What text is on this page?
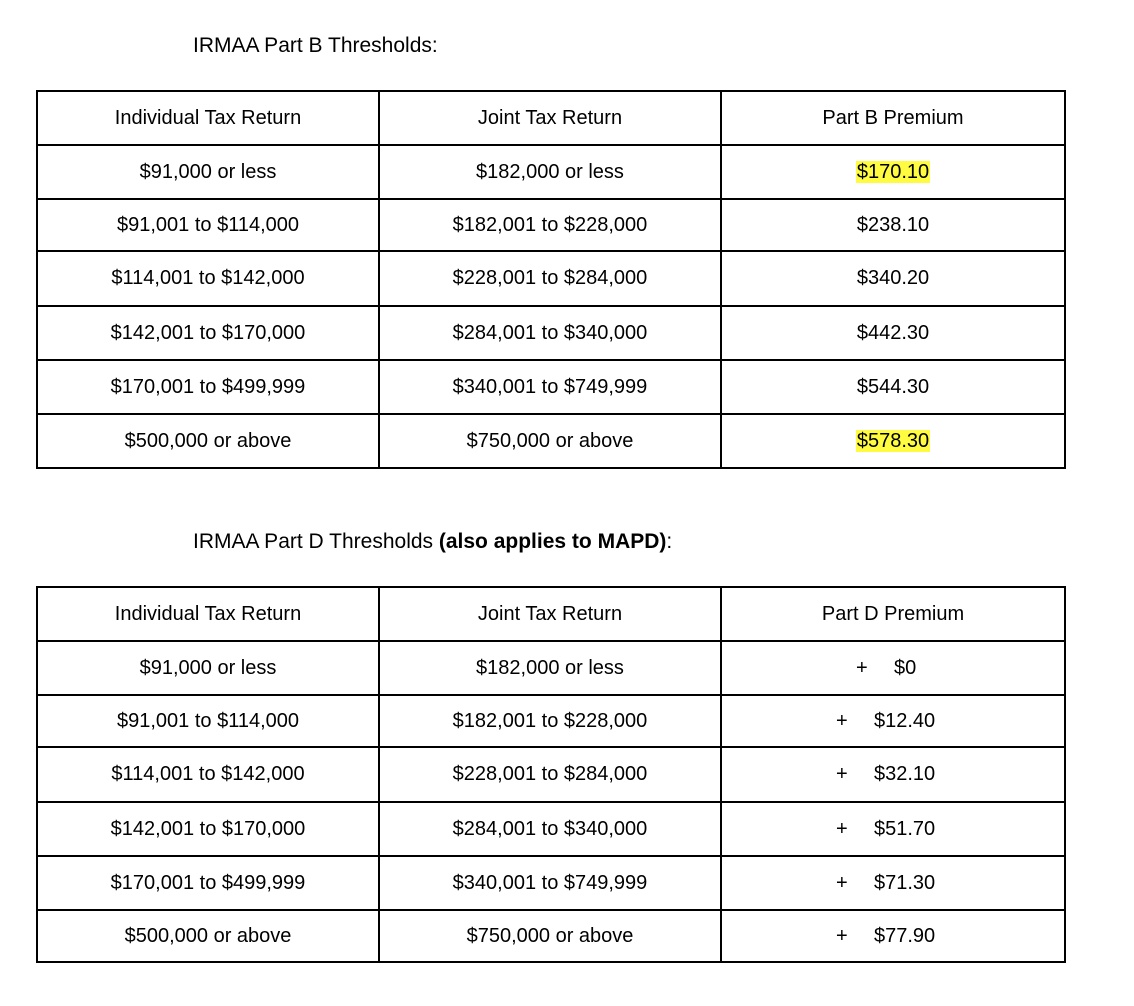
IRMAA Part B Thresholds:
Individual Tax Return	Joint Tax Return	Part B Premium
$91,000 or less	$182,000 or less	$170.10
$91,001 to $114,000	$182,001 to $228,000	$238.10
$114,001 to $142,000	$228,001 to $284,000	$340.20
$142,001 to $170,000	$284,001 to $340,000	$442.30
$170,001 to $499,999	$340,001 to $749,999	$544.30
$500,000 or above	$750,000 or above	$578.30
IRMAA Part D Thresholds (also applies to MAPD):
Individual Tax Return	Joint Tax Return	Part D Premium
$91,000 or less	$182,000 or less	+ $0
$91,001 to $114,000	$182,001 to $228,000	+ $12.40
$114,001 to $142,000	$228,001 to $284,000	+ $32.10
$142,001 to $170,000	$284,001 to $340,000	+ $51.70
$170,001 to $499,999	$340,001 to $749,999	+ $71.30
$500,000 or above	$750,000 or above	+ $77.90
